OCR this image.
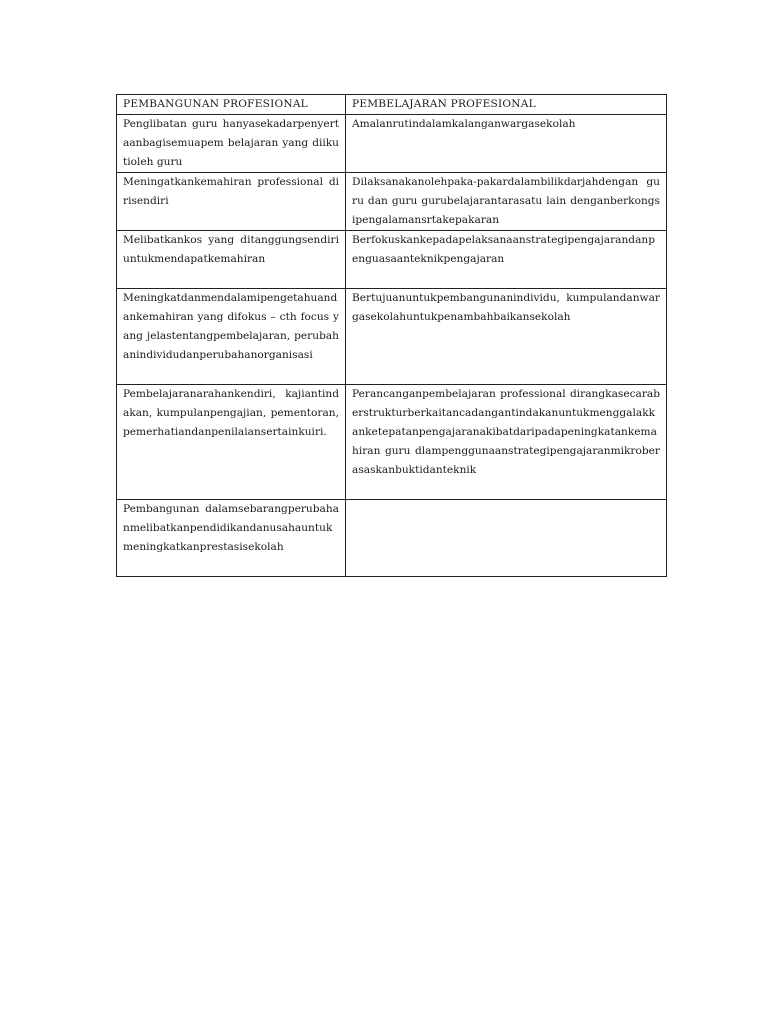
PEMBANGUNAN PROFESIONAL	PEMBELAJARAN PROFESIONAL
Penglibatan guru hanyasekadarpenyertaanbagisemuapem belajaran yang diikutioleh guru	Amalanrutindalamkalanganwargasekolah
Meningatkankemahiran professional dirisendiri	Dilaksanakanolehpaka-pakardalambilikdarjahdengan guru dan guru gurubelajarantarasatu lain denganberkongsipengalamansrtakepakaran
Melibatkankos yang ditanggungsendiriuntukmendapatkemahiran	Berfokuskankepadapelaksanaanstrategipengajarandanpenguasaanteknikpengajaran
Meningkatdanmendalamipengetahuandankemahiran yang difokus – cth focus yang jelastentangpembelajaran, perubahanindividudanperubahanorganisasi	Bertujuanuntukpembangunanindividu, kumpulandanwargasekolahuntukpenambahbaikansekolah
Pembelajaranarahankendiri, kajiantindakan, kumpulanpengajian, pementoran, pemerhatiandanpenilaiansertainkuiri.	Perancanganpembelajaran professional dirangkasecaraberstrukturberkaitancadangantindakanuntukmenggalakkanketepatanpengajaranakibatdaripadapeningkatankemahiran guru dlampenggunaanstrategipengajaranmikroberasaskanbuktidanteknik
Pembangunan dalamsebarangperubahanmelibatkanpendidikandanusahauntukmeningkatkanprestasisekolah	
